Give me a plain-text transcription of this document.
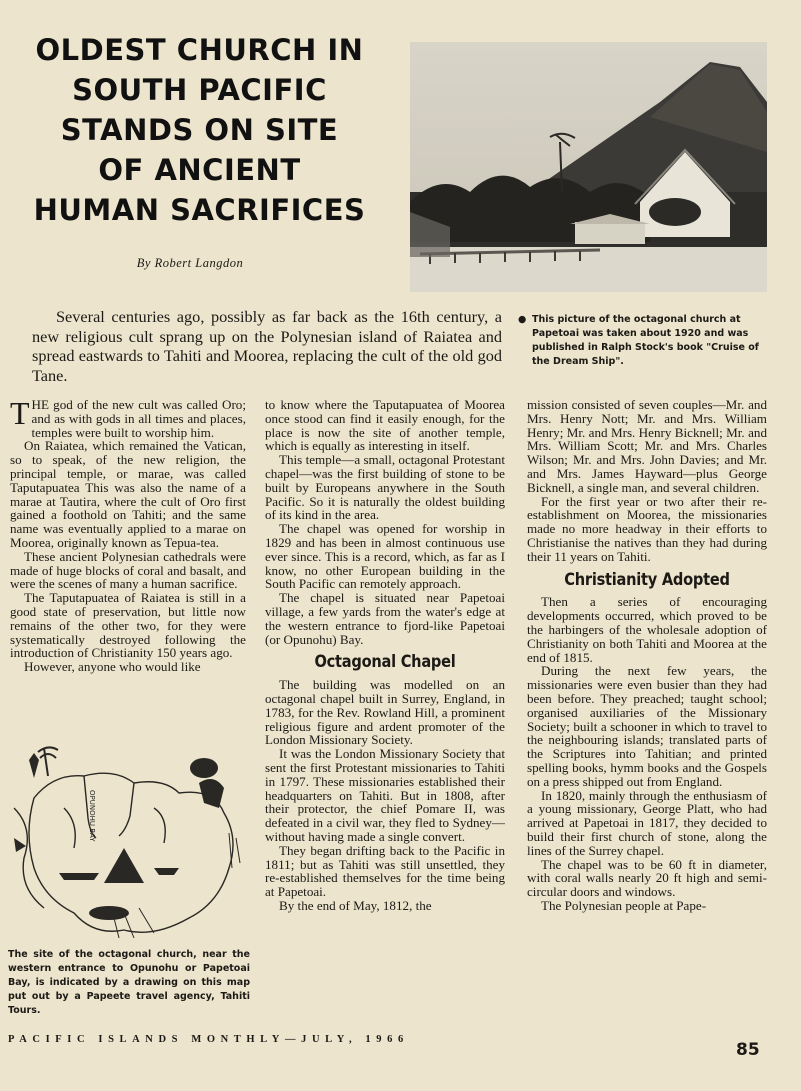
OLDEST CHURCH IN
SOUTH PACIFIC
STANDS ON SITE
OF ANCIENT
HUMAN SACRIFICES
By Robert Langdon
● This picture of the octagonal church at Papetoai was taken about 1920 and was published in Ralph Stock's book "Cruise of the Dream Ship".
Several centuries ago, possibly as far back as the 16th century, a new religious cult sprang up on the Polynesian island of Raiatea and spread eastwards to Tahiti and Moorea, replacing the cult of the old god Tane.

THE god of the new cult was called Oro; and as with gods in all times and places, temples were built to worship him.

On Raiatea, which remained the Vatican, so to speak, of the new religion, the principal temple, or marae, was called Taputapuatea This was also the name of a marae at Tautira, where the cult of Oro first gained a foothold on Tahiti; and the same name was eventually applied to a marae on Moorea, originally known as Tepua-tea.

These ancient Polynesian cathedrals were made of huge blocks of coral and basalt, and were the scenes of many a human sacrifice.

The Taputapuatea of Raiatea is still in a good state of preservation, but little now remains of the other two, for they were systematically destroyed following the introduction of Christianity 150 years ago.

However, anyone who would like

OPUNOHU BAY
The site of the octagonal church, near the western entrance to Opunohu or Papetoai Bay, is indicated by a drawing on this map put out by a Papeete travel agency, Tahiti Tours.

to know where the Taputapuatea of Moorea once stood can find it easily enough, for the place is now the site of another temple, which is equally as interesting in itself.

This temple—a small, octagonal Protestant chapel—was the first building of stone to be built by Europeans anywhere in the South Pacific. So it is naturally the oldest building of its kind in the area.

The chapel was opened for worship in 1829 and has been in almost continuous use ever since. This is a record, which, as far as I know, no other European building in the South Pacific can remotely approach.

The chapel is situated near Papetoai village, a few yards from the water's edge at the western entrance to fjord-like Papetoai (or Opunohu) Bay.

Octagonal Chapel

The building was modelled on an octagonal chapel built in Surrey, England, in 1783, for the Rev. Rowland Hill, a prominent religious figure and ardent promoter of the London Missionary Society.

It was the London Missionary Society that sent the first Protestant missionaries to Tahiti in 1797. These missionaries established their headquarters on Tahiti. But in 1808, after their protector, the chief Pomare II, was defeated in a civil war, they fled to Sydney—without having made a single convert.

They began drifting back to the Pacific in 1811; but as Tahiti was still unsettled, they re-established themselves for the time being at Papetoai.

By the end of May, 1812, the

mission consisted of seven couples—Mr. and Mrs. Henry Nott; Mr. and Mrs. William Henry; Mr. and Mrs. Henry Bicknell; Mr. and Mrs. William Scott; Mr. and Mrs. Charles Wilson; Mr. and Mrs. John Davies; and Mr. and Mrs. James Hayward—plus George Bicknell, a single man, and several children.

For the first year or two after their re-establishment on Moorea, the missionaries made no more headway in their efforts to Christianise the natives than they had during their 11 years on Tahiti.

Christianity Adopted

Then a series of encouraging developments occurred, which proved to be the harbingers of the wholesale adoption of Christianity on both Tahiti and Moorea at the end of 1815.

During the next few years, the missionaries were even busier than they had been before. They preached; taught school; organised auxiliaries of the Missionary Society; built a schooner in which to travel to the neighbouring islands; translated parts of the Scriptures into Tahitian; and printed spelling books, hymm books and the Gospels on a press shipped out from England.

In 1820, mainly through the enthusiasm of a young missionary, George Platt, who had arrived at Papetoai in 1817, they decided to build their first church of stone, along the lines of the Surrey chapel.

The chapel was to be 60 ft in diameter, with coral walls nearly 20 ft high and semi-circular doors and windows.

The Polynesian people at Pape-

PACIFIC ISLANDS MONTHLY—JULY, 1966
85
